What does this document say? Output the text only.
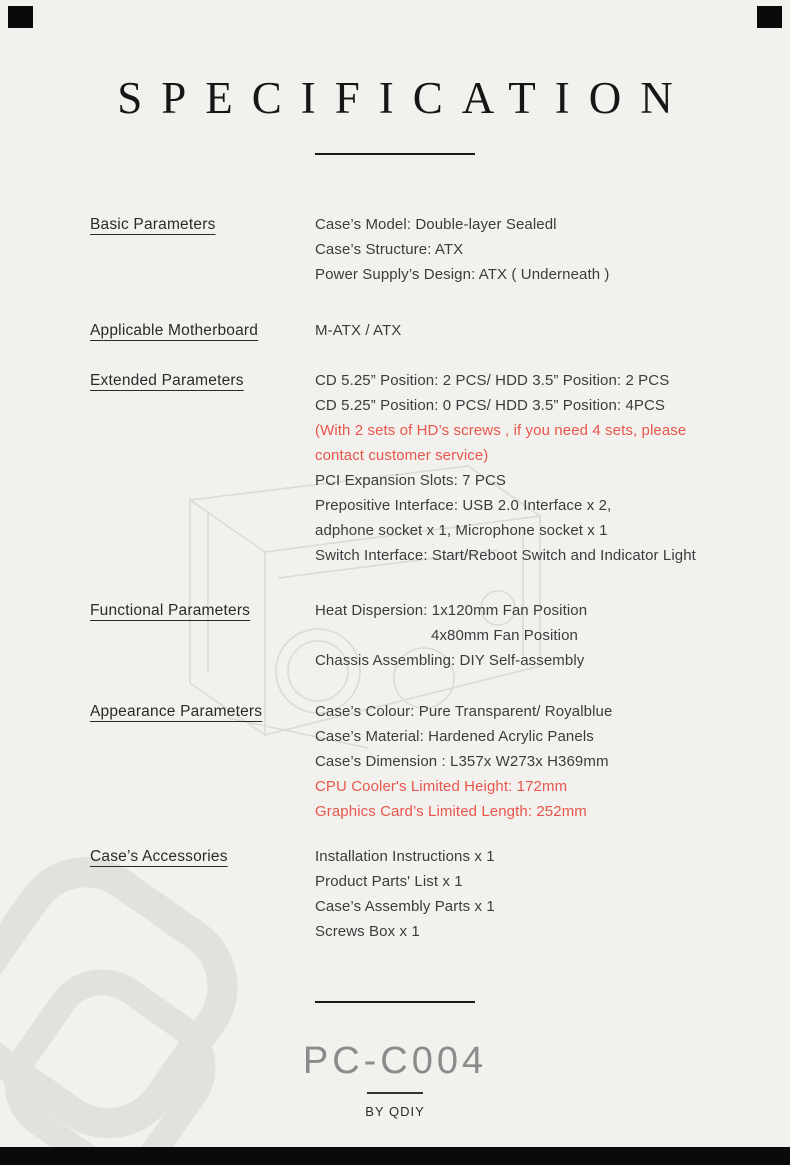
SPECIFICATION
Basic Parameters	Case’s Model: Double-layer Sealedl
Case’s Structure: ATX
Power Supply’s Design: ATX ( Underneath )
Applicable Motherboard	M-ATX / ATX
Extended Parameters	CD 5.25” Position: 2 PCS/ HDD 3.5” Position: 2 PCS
CD 5.25” Position: 0 PCS/ HDD 3.5” Position: 4PCS
(With 2 sets of HD’s screws , if you need 4 sets, please
contact customer service)
PCI Expansion Slots: 7 PCS
Prepositive Interface: USB 2.0 Interface x 2,
adphone socket x 1, Microphone socket x 1
Switch Interface: Start/Reboot Switch and Indicator Light
Functional Parameters	Heat Dispersion: 1x120mm Fan Position
4x80mm Fan Position
Chassis Assembling: DIY Self-assembly
Appearance Parameters	Case’s Colour: Pure Transparent/ Royalblue
Case’s Material: Hardened Acrylic Panels
Case’s Dimension : L357x W273x H369mm
CPU Cooler's Limited Height: 172mm
Graphics Card’s Limited Length: 252mm
Case’s Accessories	Installation Instructions x 1
Product Parts' List x 1
Case’s Assembly Parts x 1
Screws Box x 1
PC-C004
BY QDIY
